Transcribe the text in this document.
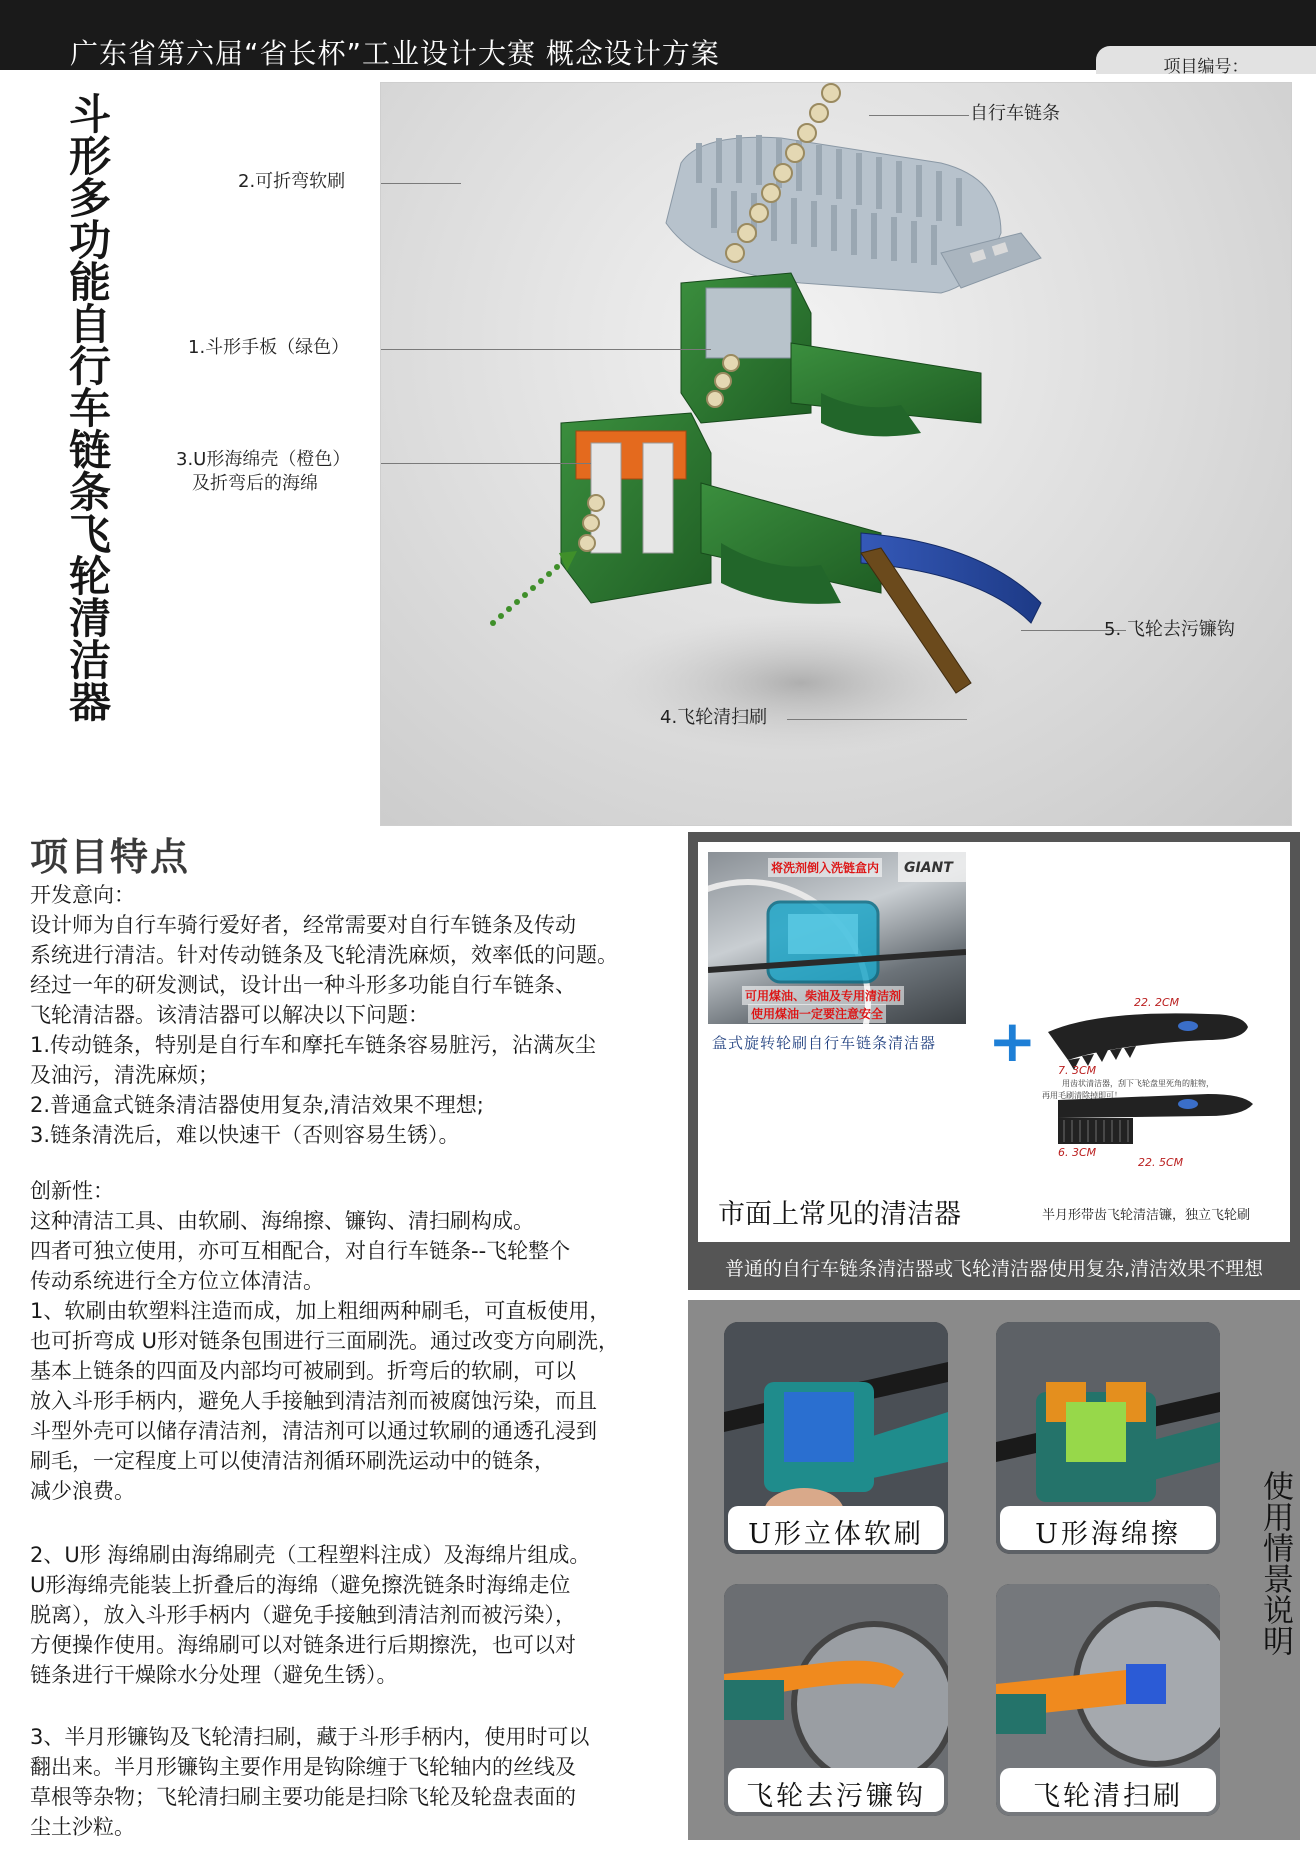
广东省第六届“省长杯”工业设计大赛 概念设计方案	项目编号：
斗形多功能自行车链条飞轮清洁器	自行车链条
2.可折弯软刷
1.斗形手板（绿色）
3.U形海绵壳（橙色）
及折弯后的海绵
5. 飞轮去污镰钩
4.飞轮清扫刷
项目特点

开发意向：

设计师为自行车骑行爱好者，经常需要对自行车链条及传动

系统进行清洁。针对传动链条及飞轮清洗麻烦，效率低的问题。

经过一年的研发测试，设计出一种斗形多功能自行车链条、

飞轮清洁器。该清洁器可以解决以下问题：

1.传动链条，特别是自行车和摩托车链条容易脏污，沾满灰尘

及油污，清洗麻烦；

2.普通盒式链条清洁器使用复杂,清洁效果不理想;

3.链条清洗后，难以快速干（否则容易生锈）。

创新性：

这种清洁工具、由软刷、海绵擦、镰钩、清扫刷构成。

四者可独立使用，亦可互相配合，对自行车链条--飞轮整个

传动系统进行全方位立体清洁。

1、软刷由软塑料注造而成，加上粗细两种刷毛，可直板使用，

也可折弯成 U形对链条包围进行三面刷洗。通过改变方向刷洗，

基本上链条的四面及内部均可被刷到。折弯后的软刷，可以

放入斗形手柄内，避免人手接触到清洁剂而被腐蚀污染，而且

斗型外壳可以储存清洁剂，清洁剂可以通过软刷的通透孔浸到

刷毛，一定程度上可以使清洁剂循环刷洗运动中的链条，

减少浪费。

2、U形 海绵刷由海绵刷壳（工程塑料注成）及海绵片组成。

U形海绵壳能装上折叠后的海绵（避免擦洗链条时海绵走位

脱离），放入斗形手柄内（避免手接触到清洁剂而被污染），

方便操作使用。海绵刷可以对链条进行后期擦洗，也可以对

链条进行干燥除水分处理（避免生锈）。

3、半月形镰钩及飞轮清扫刷，藏于斗形手柄内，使用时可以

翻出来。半月形镰钩主要作用是钩除缠于飞轮轴内的丝线及

草根等杂物；飞轮清扫刷主要功能是扫除飞轮及轮盘表面的

尘土沙粒。

将洗剂倒入洗链盒内 GIANT
可用煤油、柴油及专用清洁剂
使用煤油一定要注意安全
盒式旋转轮刷自行车链条清洁器 +
22. 2CM
7. 3CM
用齿状清洁器，刮下飞轮盘里死角的脏物，
再用毛刷清除掉即可！
6. 3CM
22. 5CM
市面上常见的清洁器	半月形带齿飞轮清洁镰，独立飞轮刷
普通的自行车链条清洁器或飞轮清洁器使用复杂,清洁效果不理想
U形立体软刷	U形海绵擦
飞轮去污镰钩	飞轮清扫刷
使用情景说明
